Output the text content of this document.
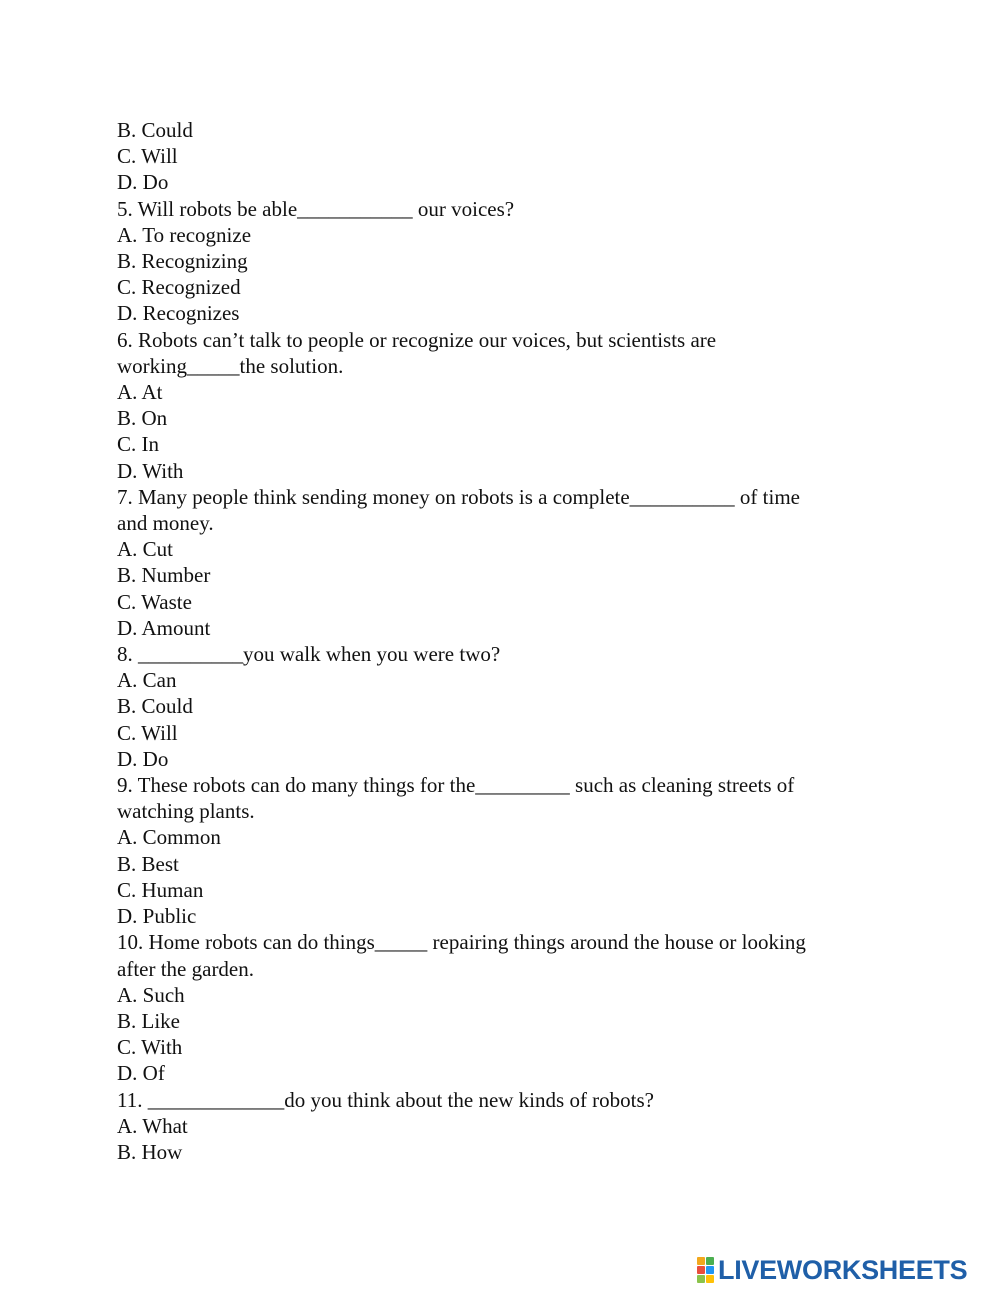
B. Could
C. Will
D. Do
5. Will robots be able___________ our voices?
A. To recognize
B. Recognizing
C. Recognized
D. Recognizes
6. Robots can’t talk to people or recognize our voices, but scientists are
working_____the solution.
A. At
B. On
C. In
D. With
7. Many people think sending money on robots is a complete__________ of time
and money.
A. Cut
B. Number
C. Waste
D. Amount
8. __________you walk when you were two?
A. Can
B. Could
C. Will
D. Do
9. These robots can do many things for the_________ such as cleaning streets of
watching plants.
A. Common
B. Best
C. Human
D. Public
10. Home robots can do things_____ repairing things around the house or looking
after the garden.
A. Such
B. Like
C. With
D. Of
11. _____________do you think about the new kinds of robots?
A. What
B. How
LIVEWORKSHEETS
